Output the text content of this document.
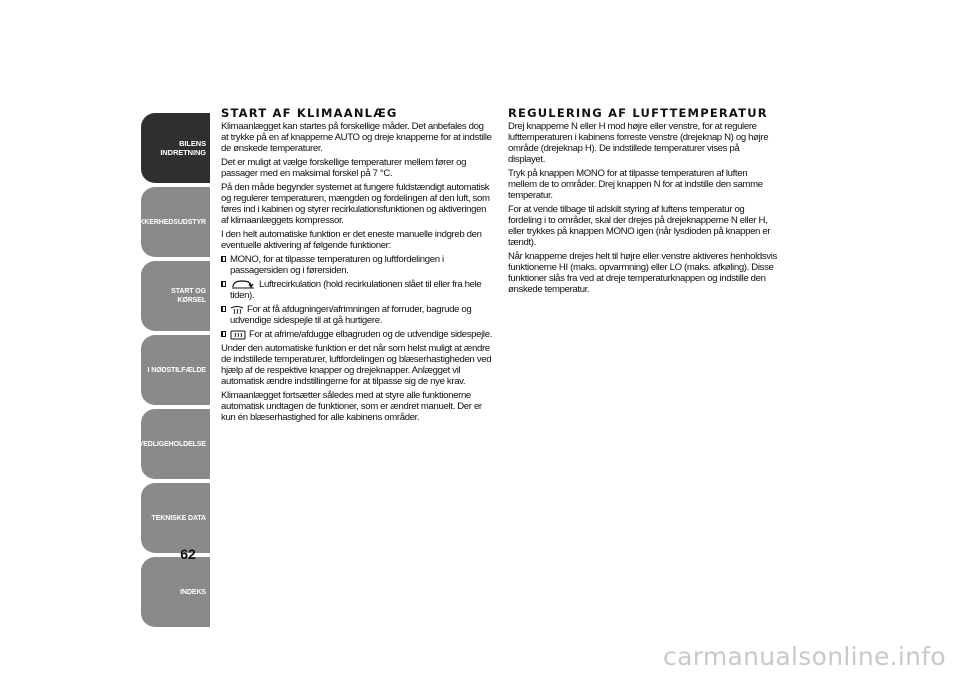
BILENS
INDRETNING
SIKKERHEDSUDSTYR
START OG KØRSEL
I NØDSTILFÆLDE
VEDLIGEHOLDELSE
TEKNISKE DATA
INDEKS
62
START AF KLIMAANLÆG

Klimaanlægget kan startes på forskellige måder. Det anbefales dog at trykke på en af knapperne AUTO og dreje knapperne for at indstille de ønskede temperaturer.

Det er muligt at vælge forskellige temperaturer mellem fører og passager med en maksimal forskel på 7 °C.

På den måde begynder systemet at fungere fuldstændigt automatisk og regulerer temperaturen, mængden og fordelingen af den luft, som føres ind i kabinen og styrer recirkulationsfunktionen og aktiveringen af klimaanlæggets kompressor.

I den helt automatiske funktion er det eneste manuelle indgreb den eventuelle aktivering af følgende funktioner:

MONO, for at tilpasse temperaturen og luftfordelingen i passagersiden og i førersiden.
Luftrecirkulation (hold recirkulationen slået til eller fra hele tiden).
For at få afdugningen/afrimningen af forruder, bagrude og udvendige sidespejle til at gå hurtigere.
For at afrime/afdugge elbagruden og de udvendige sidespejle.

Under den automatiske funktion er det når som helst muligt at ændre de indstillede temperaturer, luftfordelingen og blæserhastigheden ved hjælp af de respektive knapper og drejeknapper. Anlægget vil automatisk ændre indstillingerne for at tilpasse sig de nye krav.

Klimaanlægget fortsætter således med at styre alle funktionerne automatisk undtagen de funktioner, som er ændret manuelt. Der er kun én blæserhastighed for alle kabinens områder.

REGULERING AF LUFTTEMPERATUR

Drej knapperne N eller H mod højre eller venstre, for at regulere lufttemperaturen i kabinens forreste venstre (drejeknap N) og højre område (drejeknap H). De indstillede temperaturer vises på displayet.

Tryk på knappen MONO for at tilpasse temperaturen af luften mellem de to områder. Drej knappen N for at indstille den samme temperatur.

For at vende tilbage til adskilt styring af luftens temperatur og fordeling i to områder, skal der drejes på drejeknapperne N eller H, eller trykkes på knappen MONO igen (når lysdioden på knappen er tændt).

Når knapperne drejes helt til højre eller venstre aktiveres henholdsvis funktionerne HI (maks. opvarmning) eller LO (maks. afkøling). Disse funktioner slås fra ved at dreje temperaturknappen og indstille den ønskede temperatur.

carmanualsonline.info
